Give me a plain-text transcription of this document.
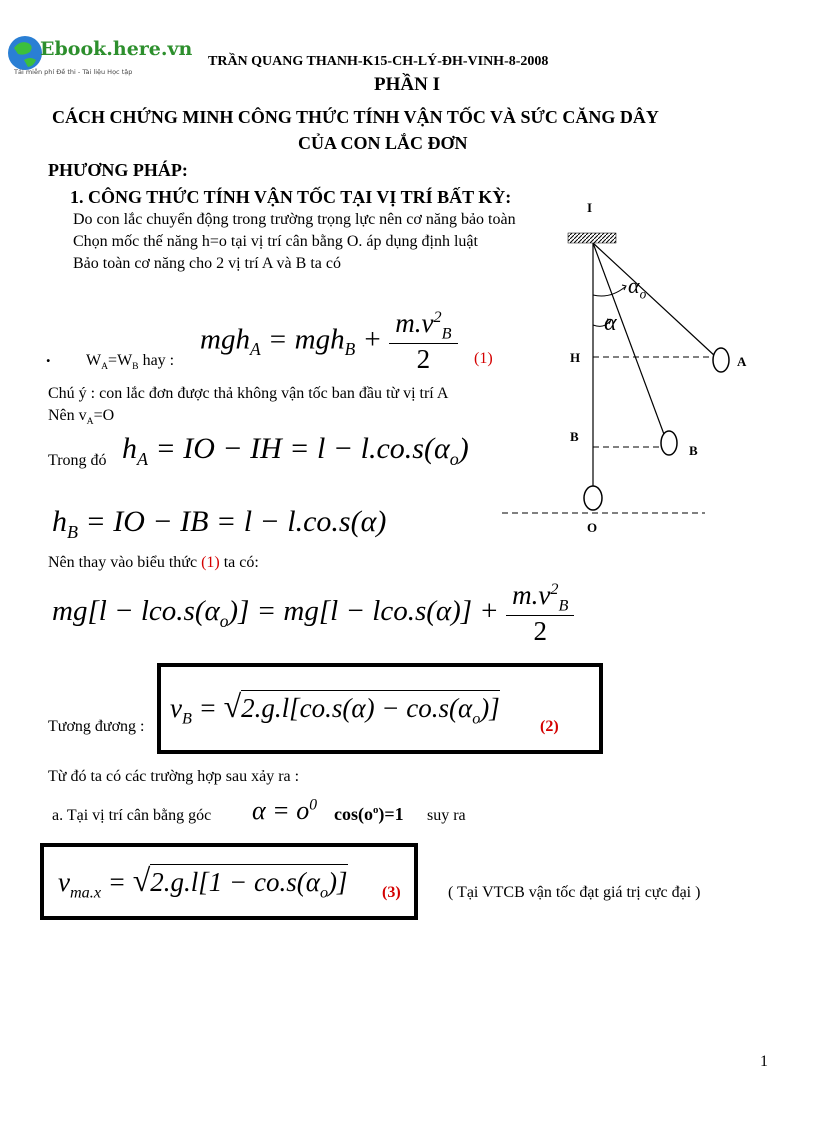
Ebook.here.vn
Tải miễn phí Đề thi - Tài liệu Học tập
TRẦN QUANG THANH-K15-CH-LÝ-ĐH-VINH-8-2008
PHẦN I
CÁCH CHỨNG MINH CÔNG THỨC TÍNH VẬN TỐC VÀ SỨC CĂNG DÂY
CỦA CON LẮC ĐƠN
PHƯƠNG PHÁP:
1. CÔNG THỨC TÍNH VẬN TỐC TẠI VỊ TRÍ BẤT KỲ:
Do con lắc chuyển động trong trường trọng lực nên cơ năng bảo toàn
Chọn mốc thế năng h=o tại vị trí cân bằng O. áp dụng định luật
Bảo toàn cơ năng cho 2 vị trí A và B ta có
. $W_A=W_B$ hay :
$mgh_A = mgh_B + \frac{m.v^2_B}{2} (1)$
Chú ý : con lắc đơn được thả không vận tốc ban đầu từ vị trí A
Nên $v_A=O$
Trong đó $h_A$ = IO − IH = $l - l.co.s(\alpha_o)$
$h_B$ = IO − IB = l − l.co.s(α)
Nên thay vào biểu thức (1) ta có:
$mg[l - lco.s(\alpha_o)] = mg[l - lco.s(\alpha)] + \frac{m.v^2_B}{2}$
Tương đương :
$v_B = √2.g.l[co.s(\alpha) - co.s(\alpha_o)]$
(2)
Từ đó ta có các trường hợp sau xảy ra :
a. Tại vị trí cân bằng góc $\alpha = o^0$ $\cos(o^o)=1$ suy ra
$v_{ma.x} = √2.g.l[1 - co.s(\alpha_o)]$ (3)	( Tại VTCB vận tốc đạt giá trị cực đại )
I
H	A
B
B
O
$\alpha_o$
α
1
